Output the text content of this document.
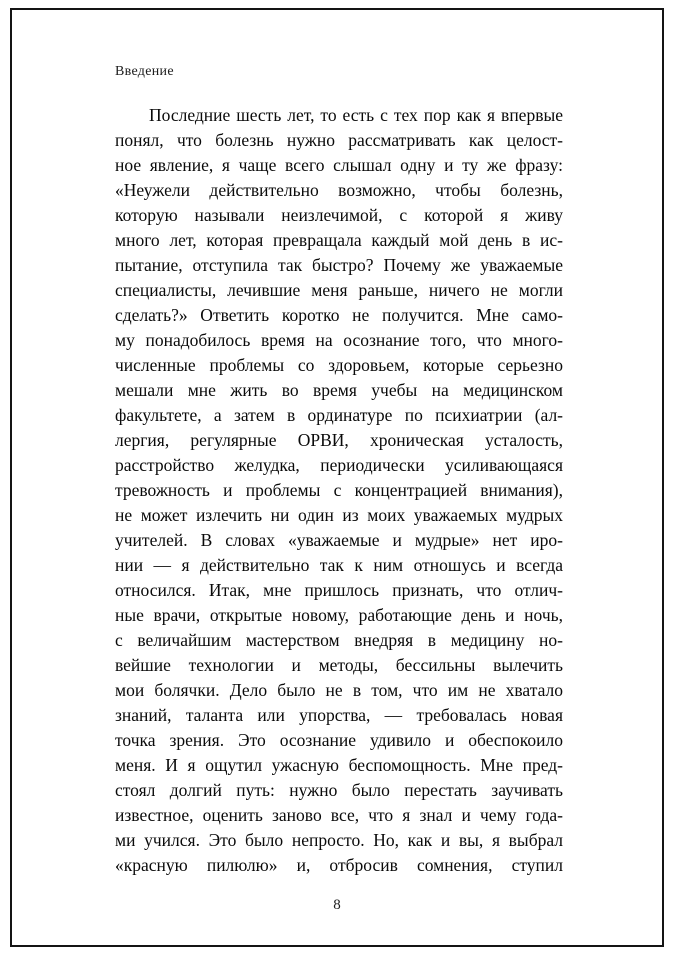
Введение
Последние шесть лет, то есть с тех пор как я впервые
понял, что болезнь нужно рассматривать как целост-
ное явление, я чаще всего слышал одну и ту же фразу:
«Неужели действительно возможно, чтобы болезнь,
которую называли неизлечимой, с которой я живу
много лет, которая превращала каждый мой день в ис-
пытание, отступила так быстро? Почему же уважаемые
специалисты, лечившие меня раньше, ничего не могли
сделать?» Ответить коротко не получится. Мне само-
му понадобилось время на осознание того, что много-
численные проблемы со здоровьем, которые серьезно
мешали мне жить во время учебы на медицинском
факультете, а затем в ординатуре по психиатрии (ал-
лергия, регулярные ОРВИ, хроническая усталость,
расстройство желудка, периодически усиливающаяся
тревожность и проблемы с концентрацией внимания),
не может излечить ни один из моих уважаемых мудрых
учителей. В словах «уважаемые и мудрые» нет иро-
нии — я действительно так к ним отношусь и всегда
относился. Итак, мне пришлось признать, что отлич-
ные врачи, открытые новому, работающие день и ночь,
с величайшим мастерством внедряя в медицину но-
вейшие технологии и методы, бессильны вылечить
мои болячки. Дело было не в том, что им не хватало
знаний, таланта или упорства, — требовалась новая
точка зрения. Это осознание удивило и обеспокоило
меня. И я ощутил ужасную беспомощность. Мне пред-
стоял долгий путь: нужно было перестать заучивать
известное, оценить заново все, что я знал и чему года-
ми учился. Это было непросто. Но, как и вы, я выбрал
«красную пилюлю» и, отбросив сомнения, ступил
8
